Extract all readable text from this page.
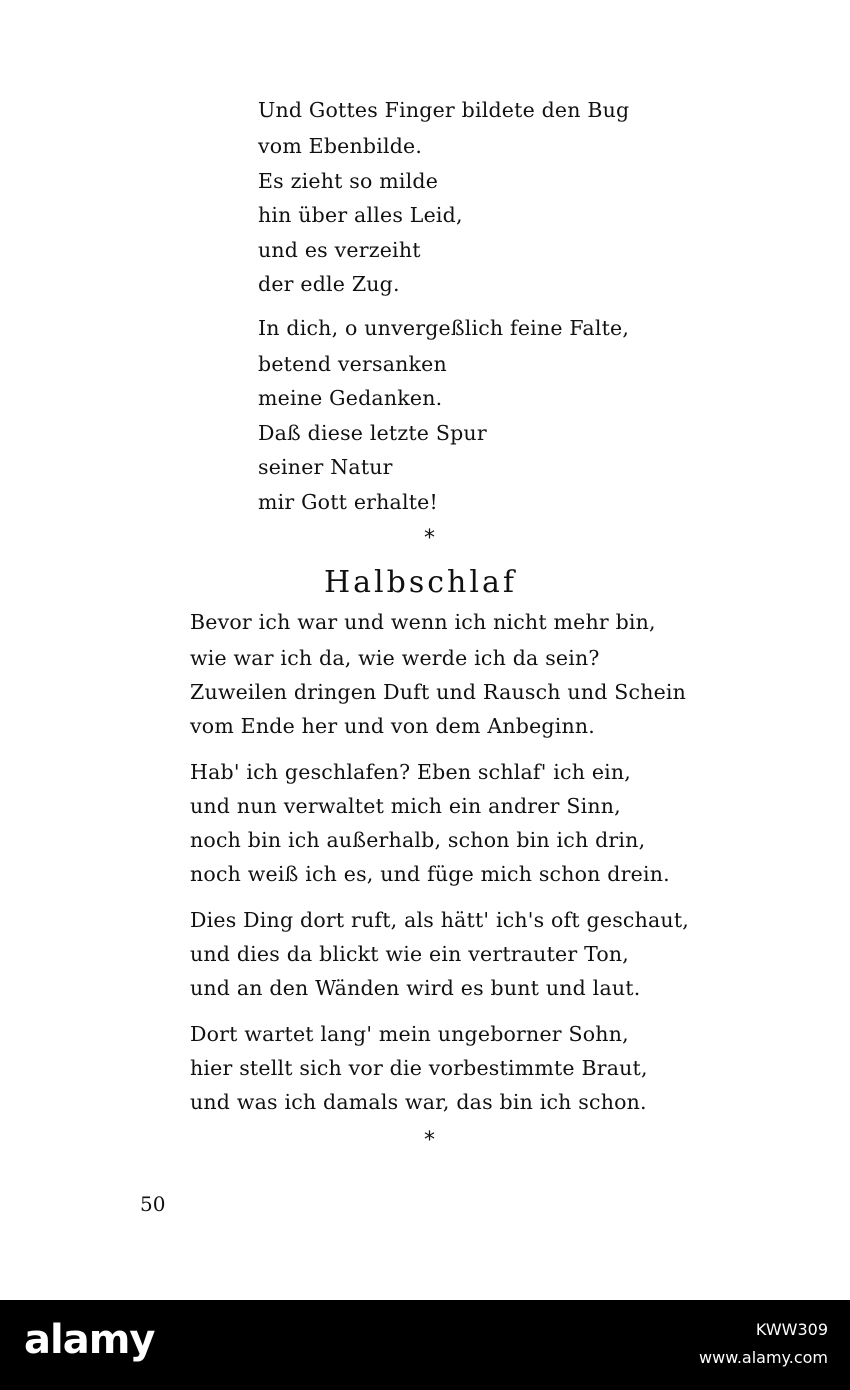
Und Gottes Finger bildete den Bug
vom Ebenbilde.
Es zieht so milde
hin über alles Leid,
und es verzeiht
der edle Zug.
In dich, o unvergeßlich feine Falte,
betend versanken
meine Gedanken.
Daß diese letzte Spur
seiner Natur
mir Gott erhalte!
*
Halbschlaf
Bevor ich war und wenn ich nicht mehr bin,
wie war ich da, wie werde ich da sein?
Zuweilen dringen Duft und Rausch und Schein
vom Ende her und von dem Anbeginn.
Hab' ich geschlafen? Eben schlaf' ich ein,
und nun verwaltet mich ein andrer Sinn,
noch bin ich außerhalb, schon bin ich drin,
noch weiß ich es, und füge mich schon drein.
Dies Ding dort ruft, als hätt' ich's oft geschaut,
und dies da blickt wie ein vertrauter Ton,
und an den Wänden wird es bunt und laut.
Dort wartet lang' mein ungeborner Sohn,
hier stellt sich vor die vorbestimmte Braut,
und was ich damals war, das bin ich schon.
*
50
alamy	KWW309
www.alamy.com
